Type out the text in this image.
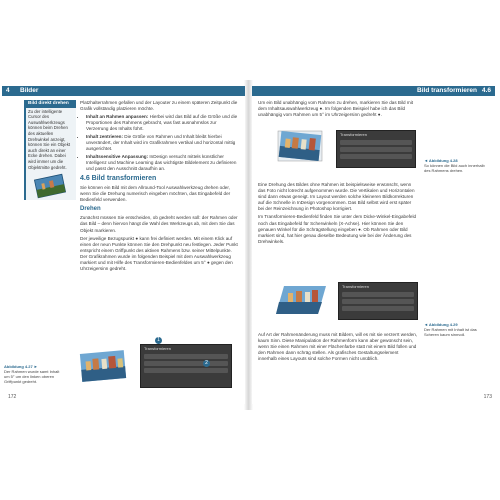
4 Bilder
Bild direkt drehen
Zu der intelligente Cursor des Auswahlwerkzeugs können beim Drehen des aktuellen Drehwinkel anzeigt, können Sie ein Objekt auch direkt an einer Ecke drehen. Dabei wird immer um die Objektmitte gedreht.

Platzhalterrahmen gefallen und der Layouter zu einem späteren Zeitpunkt die Grafik vollständig platzieren möchte.

• Inhalt an Rahmen anpassen: Hierbei wird das Bild auf die Größe und die Proportionen des Rahmens gebracht, was fast ausnahmslos zur Verzerrung des Inhalts führt.
• Inhalt zentrieren: Die Größe von Rahmen und Inhalt bleibt hierbei unverändert, der Inhalt wird im Grafikrahmen vertikal und horizontal mittig ausgerichtet.
• Inhaltssensitive Anpassung: InDesign versucht mittels künstlicher Intelligenz und Machine Learning das wichtigste Bildelement zu definieren und passt den Ausschnitt daraufhin an.
4.6 Bild transformieren

Sie können ein Bild mit dem Allround-Tool Auswahlwerkzeug drehen oder, wenn Sie die Drehung numerisch eingeben möchten, das Eingabefeld der Bedienfeld verwenden.

Drehen

Zunächst müssen Sie entscheiden, ob gedreht werden soll: der Rahmen oder das Bild – denn hiervon hängt die Wahl des Werkzeugs ab, mit dem Sie das Objekt markieren.

Der jeweilige Bezugspunkt ● kann frei definiert werden. Mit einem Klick auf einen der neun Punkte können Sie den Drehpunkt neu festlegen. Jeder Punkt entspricht einem Griffpunkt des aktiven Rahmens bzw. seiner Mittelpunkte. Der Grafikrahmen wurde im folgenden Beispiel mit dem Auswahlwerkzeug markiert und mit Hilfe des Transformieren-Bedienfeldes um 5° ● gegen den Uhrzeigersinn gedreht.

Abbildung 4.27 ►
Der Rahmen wurde samt Inhalt um 5° um den linken oberen Griffpunkt gedreht.
Transformieren
1
2
172
Bild transformieren 4.6

Um ein Bild unabhängig vom Rahmen zu drehen, markieren Sie das Bild mit dem Inhaltsauswahlwerkzeug ●. Im folgenden Beispiel habe ich das Bild unabhängig vom Rahmen um 5° im Uhrzeigersinn gedreht ●.

Transformieren
◄ Abbildung 4.28
So können die Bild auch innerhalb des Rahmens drehen.

Eine Drehung des Bildes ohne Rahmen ist beispielsweise erwünscht, wenn das Foto nicht lotrecht aufgenommen wurde. Die Vertikalen und Horizontalen sind dann etwas geneigt. Im Layout werden solche kleineren Bildkorrekturen auf die Schnelle in InDesign vorgenommen. Das Bild selbst wird erst später bei der Reinzeichnung in Photoshop korrigiert.

Im Transformieren-Bedienfeld finden Sie unter dem Dicke-Winkel-Eingabefeld noch das Eingabefeld für Scherwinkeln (X-Achse). Hier können Sie den genauen Winkel für die Schrägstellung eingeben ●. Ob Rahmen oder Bild markiert sind, hat hier genau dieselbe Bedeutung wie bei der Änderung des Drehwinkels.

Transformieren
◄ Abbildung 4.29
Der Rahmen mit Inhalt ist das Scheren kaum sinnvoll.

Auf Art der Rahmenänderung muss mit Bildern, will es mit sie verzerrt werden, kaum Sinn. Diese Manipulation der Rahmenform kann aber gewünscht sein, wenn Sie einen Rahmen mit einer Flächenfarbe statt mit einem Bild füllen und den Rahmen dann schräg stellen. Als grafisches Gestaltungselement innerhalb eines Layouts sind solche Formen nicht unüblich.

173
